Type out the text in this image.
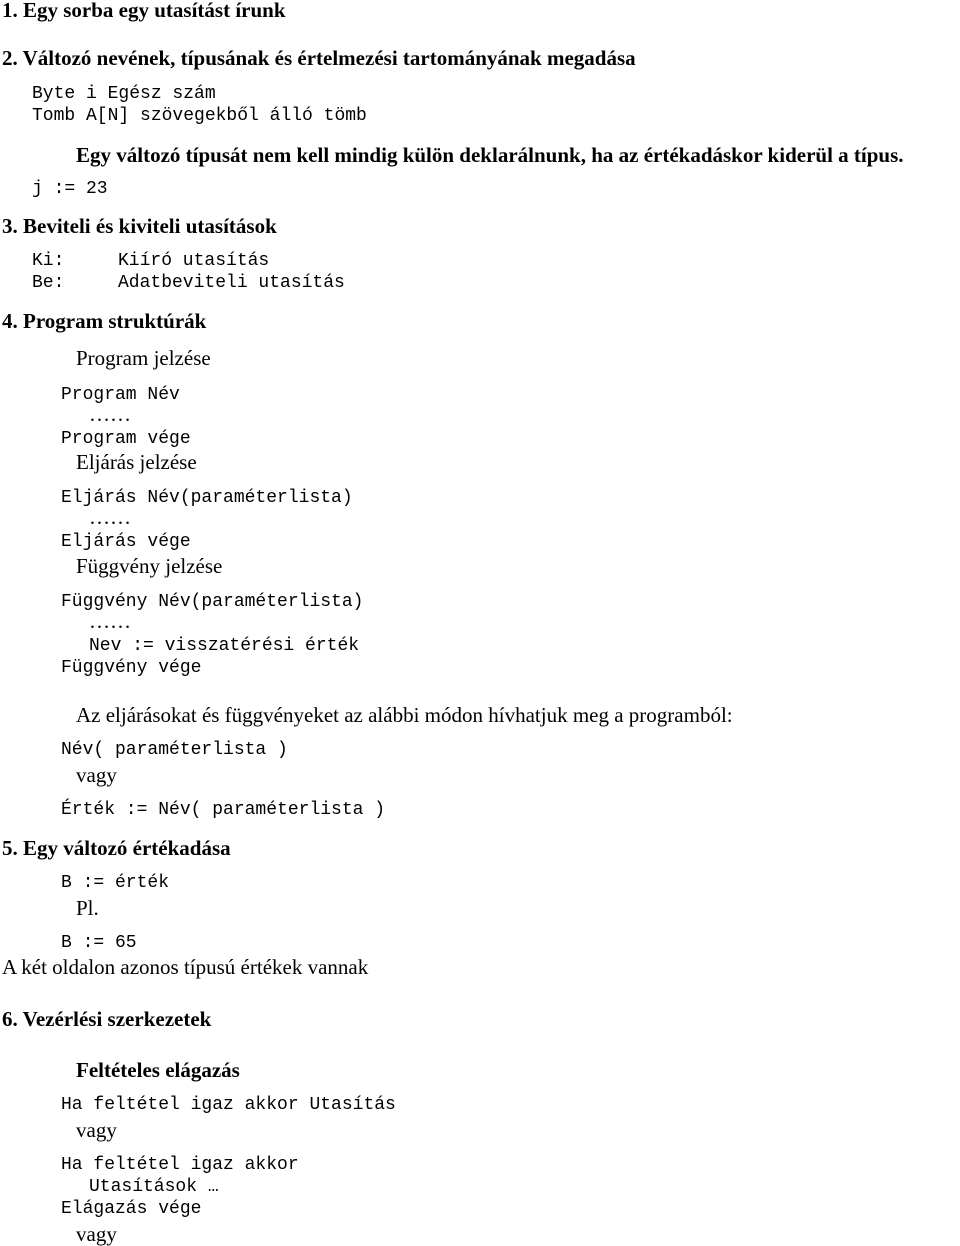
1. Egy sorba egy utasítást írunk
2. Változó nevének, típusának és értelmezési tartományának megadása
Byte i Egész szám
Tomb A[N] szövegekből álló tömb
Egy változó típusát nem kell mindig külön deklarálnunk, ha az értékadáskor kiderül a típus.
j := 23
3. Beviteli és kiviteli utasítások
Ki:	Kiíró utasítás
Be:	Adatbeviteli utasítás
4. Program struktúrák
Program jelzése
Program Név
……
Program vége
Eljárás jelzése
Eljárás Név(paraméterlista)
……
Eljárás vége
Függvény jelzése
Függvény Név(paraméterlista)
……
Nev := visszatérési érték
Függvény vége
Az eljárásokat és függvényeket az alábbi módon hívhatjuk meg a programból:
Név( paraméterlista )
vagy
Érték := Név( paraméterlista )
5. Egy változó értékadása
B := érték
Pl.
B := 65
A két oldalon azonos típusú értékek vannak
6. Vezérlési szerkezetek
Feltételes elágazás
Ha feltétel igaz akkor Utasítás
vagy
Ha feltétel igaz akkor
Utasítások …
Elágazás vége
vagy
